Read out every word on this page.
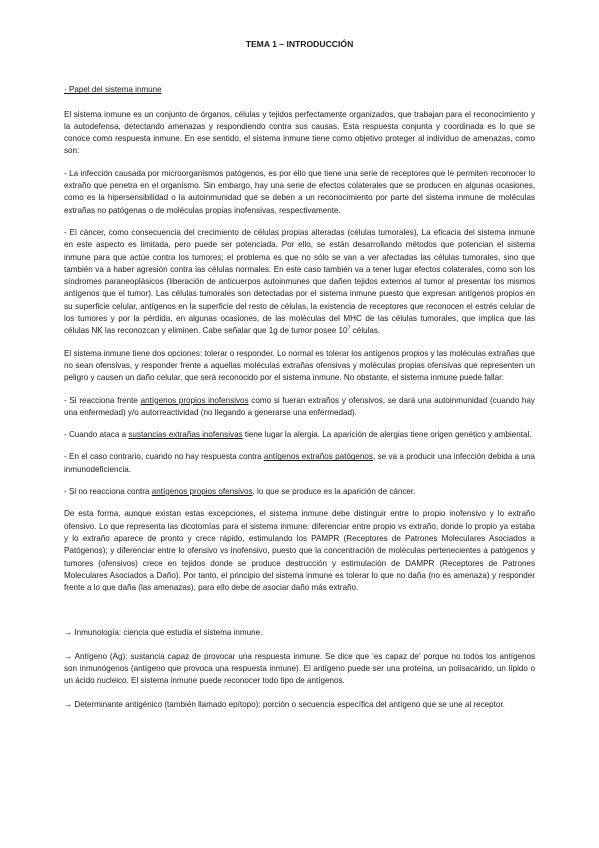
TEMA 1 – INTRODUCCIÓN
· Papel del sistema inmune

El sistema inmune es un conjunto de órganos, células y tejidos perfectamente organizados, que trabajan para el reconocimiento y la autodefensa, detectando amenazas y respondiendo contra sus causas. Esta respuesta conjunta y coordinada es lo que se conoce como respuesta inmune. En ese sentido, el sistema inmune tiene como objetivo proteger al individuo de amenazas, como son:

- La infección causada por microorganismos patógenos, es por ello que tiene una serie de receptores que le permiten reconocer lo extraño que penetra en el organismo. Sin embargo, hay una serie de efectos colaterales que se producen en algunas ocasiones, como es la hipersensibilidad o la autoinmunidad que se deben a un reconocimiento por parte del sistema inmune de moléculas extrañas no patógenas o de moléculas propias inofensivas, respectivamente.

- El cáncer, como consecuencia del crecimiento de células propias alteradas (células tumorales). La eficacia del sistema inmune en este aspecto es limitada, pero puede ser potenciada. Por ello, se están desarrollando métodos que potencian el sistema inmune para que actúe contra los tumores; el problema es que no sólo se van a ver afectadas las células tumorales, sino que también va a haber agresión contra las células normales. En este caso también va a tener lugar efectos colaterales, como son los síndromes paraneoplásicos (liberación de anticuerpos autoinmunes que dañen tejidos externos al tumor al presentar los mismos antígenos que el tumor). Las células tumorales son detectadas por el sistema inmune puesto que expresan antígenos propios en su superficie celular, antígenos en la superficie del resto de células, la existencia de receptores que reconocen el estrés celular de los tumores y por la pérdida, en algunas ocasiones, de las moléculas del MHC de las células tumorales, que implica que las células NK las reconozcan y eliminen. Cabe señalar que 1g de tumor posee $10^7$ células.

El sistema inmune tiene dos opciones: tolerar o responder. Lo normal es tolerar los antígenos propios y las moléculas extrañas que no sean ofensivas, y responder frente a aquellas moléculas extrañas ofensivas y moléculas propias ofensivas que representen un peligro y causen un daño celular, que será reconocido por el sistema inmune. No obstante, el sistema inmune puede fallar:

- Si reacciona frente antígenos propios inofensivos como si fueran extraños y ofensivos, se dará una autoinmunidad (cuando hay una enfermedad) y/o autorreactividad (no llegando a generarse una enfermedad).

- Cuando ataca a sustancias extrañas inofensivas tiene lugar la alergia. La aparición de alergias tiene origen genético y ambiental.

- En el caso contrario, cuando no hay respuesta contra antígenos extraños patógenos, se va a producir una infección debida a una inmunodeficiencia.

- Si no reacciona contra antígenos propios ofensivos, lo que se produce es la aparición de cáncer.

De esta forma, aunque existan estas excepciones, el sistema inmune debe distinguir entre lo propio inofensivo y lo extraño ofensivo. Lo que representa las dicotomías para el sistema inmune: diferenciar entre propio vs extraño, donde lo propio ya estaba y lo extraño aparece de pronto y crece rápido, estimulando los PAMPR (Receptores de Patrones Moleculares Asociados a Patógenos); y diferenciar entre lo ofensivo vs inofensivo, puesto que la concentración de moléculas pertenecientes a patógenos y tumores (ofensivos) crece en tejidos donde se produce destrucción y estimulación de DAMPR (Receptores de Patrones Moleculares Asociados a Daño). Por tanto, el principio del sistema inmune es tolerar lo que no daña (no es amenaza) y responder frente a lo que daña (las amenazas), para ello debe de asociar daño más extraño.

→ Inmunología: ciencia que estudia el sistema inmune.

→ Antígeno (Ag): sustancia capaz de provocar una respuesta inmune. Se dice que ‘es capaz de’ porque no todos los antígenos son inmunógenos (antígeno que provoca una respuesta inmune). El antígeno puede ser una proteína, un polisacárido, un lípido o un ácido nucleico. El sistema inmune puede reconocer todo tipo de antígenos.

→ Determinante antigénico (también llamado epítopo): porción o secuencia específica del antígeno que se une al receptor.
